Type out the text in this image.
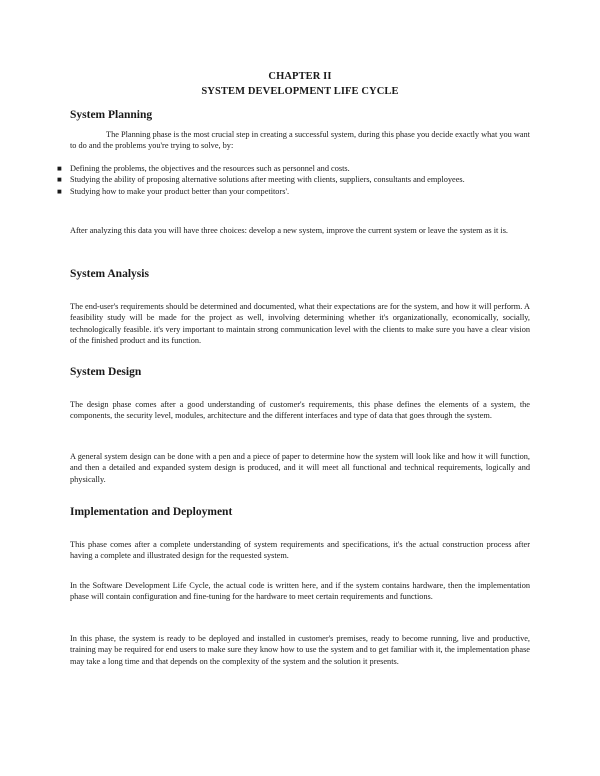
CHAPTER II
SYSTEM DEVELOPMENT LIFE CYCLE
System Planning
The Planning phase is the most crucial step in creating a successful system, during this phase you decide exactly what you want to do and the problems you're trying to solve, by:
■ Defining the problems, the objectives and the resources such as personnel and costs.
■ Studying the ability of proposing alternative solutions after meeting with clients, suppliers, consultants and employees.
■ Studying how to make your product better than your competitors'.
After analyzing this data you will have three choices: develop a new system, improve the current system or leave the system as it is.
System Analysis
The end-user's requirements should be determined and documented, what their expectations are for the system, and how it will perform. A feasibility study will be made for the project as well, involving determining whether it's organizationally, economically, socially, technologically feasible. it's very important to maintain strong communication level with the clients to make sure you have a clear vision of the finished product and its function.
System Design
The design phase comes after a good understanding of customer's requirements, this phase defines the elements of a system, the components, the security level, modules, architecture and the different interfaces and type of data that goes through the system.
A general system design can be done with a pen and a piece of paper to determine how the system will look like and how it will function, and then a detailed and expanded system design is produced, and it will meet all functional and technical requirements, logically and physically.
Implementation and Deployment
This phase comes after a complete understanding of system requirements and specifications, it's the actual construction process after having a complete and illustrated design for the requested system.
In the Software Development Life Cycle, the actual code is written here, and if the system contains hardware, then the implementation phase will contain configuration and fine-tuning for the hardware to meet certain requirements and functions.
In this phase, the system is ready to be deployed and installed in customer's premises, ready to become running, live and productive, training may be required for end users to make sure they know how to use the system and to get familiar with it, the implementation phase may take a long time and that depends on the complexity of the system and the solution it presents.
